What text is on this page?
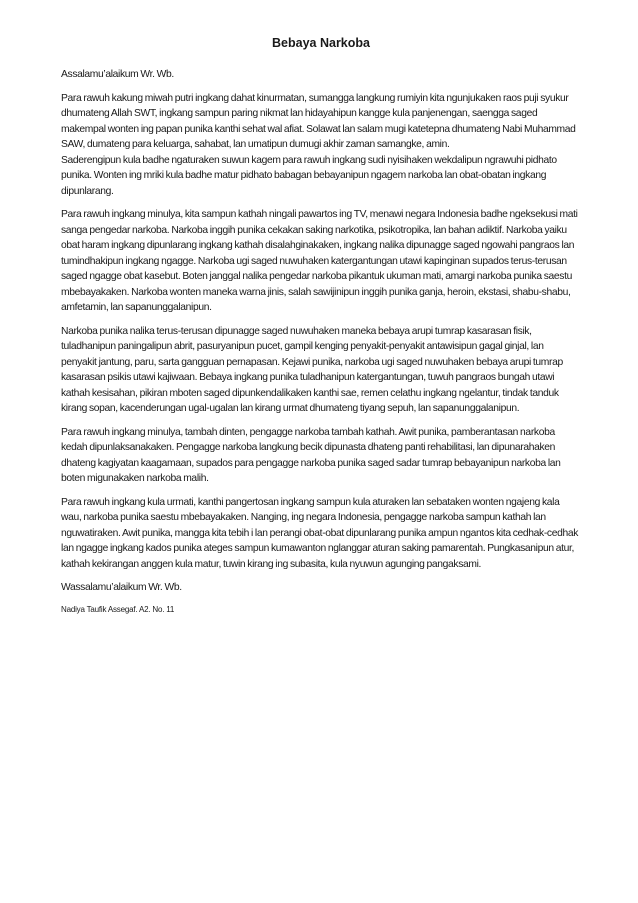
Bebaya Narkoba

Assalamu’alaikum Wr. Wb.

Para rawuh kakung miwah putri ingkang dahat kinurmatan, sumangga langkung rumiyin kita ngunjukaken raos puji syukur dhumateng Allah SWT, ingkang sampun paring nikmat lan hidayahipun kangge kula panjenengan, saengga saged makempal wonten ing papan punika kanthi sehat wal afiat. Solawat lan salam mugi katetepna dhumateng Nabi Muhammad SAW, dumateng para keluarga, sahabat, lan umatipun dumugi akhir zaman samangke, amin.

Saderengipun kula badhe ngaturaken suwun kagem para rawuh ingkang sudi nyisihaken wekdalipun ngrawuhi pidhato punika. Wonten ing mriki kula badhe matur pidhato babagan bebayanipun ngagem narkoba lan obat-obatan ingkang dipunlarang.

Para rawuh ingkang minulya, kita sampun kathah ningali pawartos ing TV, menawi negara Indonesia badhe ngeksekusi mati sanga pengedar narkoba. Narkoba inggih punika cekakan saking narkotika, psikotropika, lan bahan adiktif. Narkoba yaiku obat haram ingkang dipunlarang ingkang kathah disalahginakaken, ingkang nalika dipunagge saged ngowahi pangraos lan tumindhakipun ingkang ngagge. Narkoba ugi saged nuwuhaken katergantungan utawi kapinginan supados terus-terusan saged ngagge obat kasebut. Boten janggal nalika pengedar narkoba pikantuk ukuman mati, amargi narkoba punika saestu mbebayakaken. Narkoba wonten maneka warna jinis, salah sawijinipun inggih punika ganja, heroin, ekstasi, shabu-shabu, amfetamin, lan sapanunggalanipun.

Narkoba punika nalika terus-terusan dipunagge saged nuwuhaken maneka bebaya arupi tumrap kasarasan fisik, tuladhanipun paningalipun abrit, pasuryanipun pucet, gampil kenging penyakit-penyakit antawisipun gagal ginjal, lan penyakit jantung, paru, sarta gangguan pernapasan. Kejawi punika, narkoba ugi saged nuwuhaken bebaya arupi tumrap kasarasan psikis utawi kajiwaan. Bebaya ingkang punika tuladhanipun katergantungan, tuwuh pangraos bungah utawi kathah kesisahan, pikiran mboten saged dipunkendalikaken kanthi sae, remen celathu ingkang ngelantur, tindak tanduk kirang sopan, kacenderungan ugal-ugalan lan kirang urmat dhumateng tiyang sepuh, lan sapanunggalanipun.

Para rawuh ingkang minulya, tambah dinten, pengagge narkoba tambah kathah. Awit punika, pamberantasan narkoba kedah dipunlaksanakaken. Pengagge narkoba langkung becik dipunasta dhateng panti rehabilitasi, lan dipunarahaken dhateng kagiyatan kaagamaan, supados para pengagge narkoba punika saged sadar tumrap bebayanipun narkoba lan boten migunakaken narkoba malih.

Para rawuh ingkang kula urmati, kanthi pangertosan ingkang sampun kula aturaken lan sebataken wonten ngajeng kala wau, narkoba punika saestu mbebayakaken. Nanging, ing negara Indonesia, pengagge narkoba sampun kathah lan nguwatiraken. Awit punika, mangga kita tebih i lan perangi obat-obat dipunlarang punika ampun ngantos kita cedhak-cedhak lan ngagge ingkang kados punika ateges sampun kumawanton nglanggar aturan saking pamarentah. Pungkasanipun atur, kathah kekirangan anggen kula matur, tuwin kirang ing subasita, kula nyuwun agunging pangaksami.

Wassalamu’alaikum Wr. Wb.

Nadiya Taufik Assegaf. A2. No. 11
